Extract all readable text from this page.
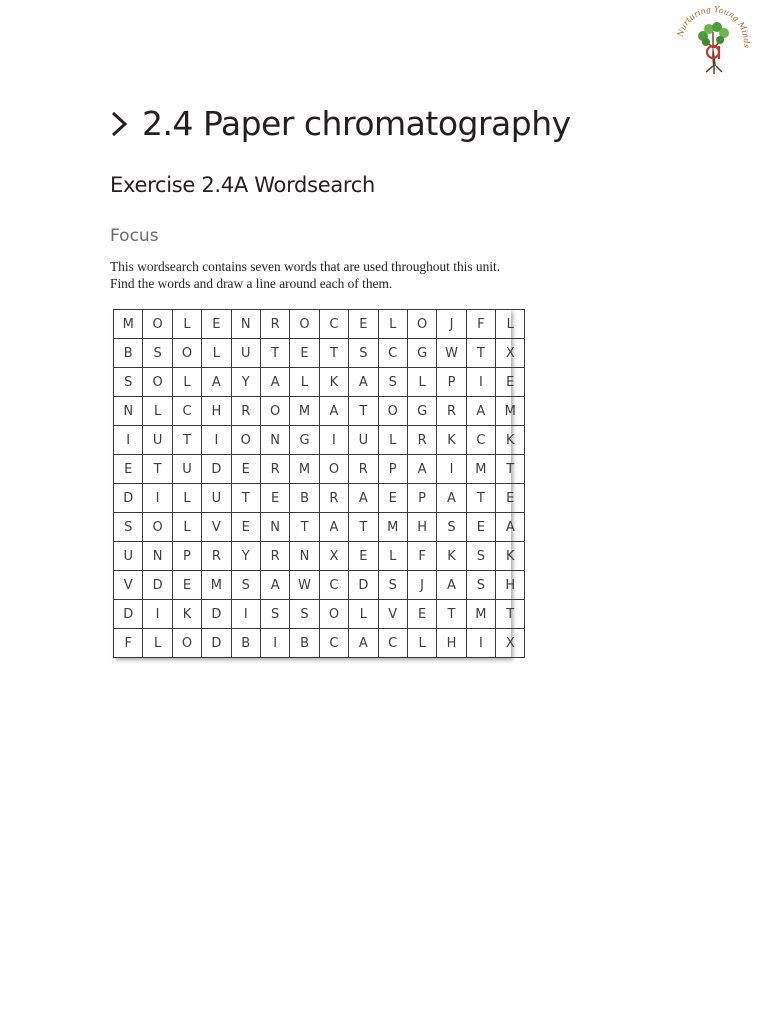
Nurturing Young Minds
2.4 Paper chromatography
Exercise 2.4A Wordsearch
Focus

This wordsearch contains seven words that are used throughout this unit.

Find the words and draw a line around each of them.

M	O	L	E	N	R	O	C	E	L	O	J	F	L
B	S	O	L	U	T	E	T	S	C	G	W	T	X
S	O	L	A	Y	A	L	K	A	S	L	P	I	E
N	L	C	H	R	O	M	A	T	O	G	R	A	M
I	U	T	I	O	N	G	I	U	L	R	K	C	K
E	T	U	D	E	R	M	O	R	P	A	I	M	T
D	I	L	U	T	E	B	R	A	E	P	A	T	E
S	O	L	V	E	N	T	A	T	M	H	S	E	A
U	N	P	R	Y	R	N	X	E	L	F	K	S	K
V	D	E	M	S	A	W	C	D	S	J	A	S	H
D	I	K	D	I	S	S	O	L	V	E	T	M	T
F	L	O	D	B	I	B	C	A	C	L	H	I	X
